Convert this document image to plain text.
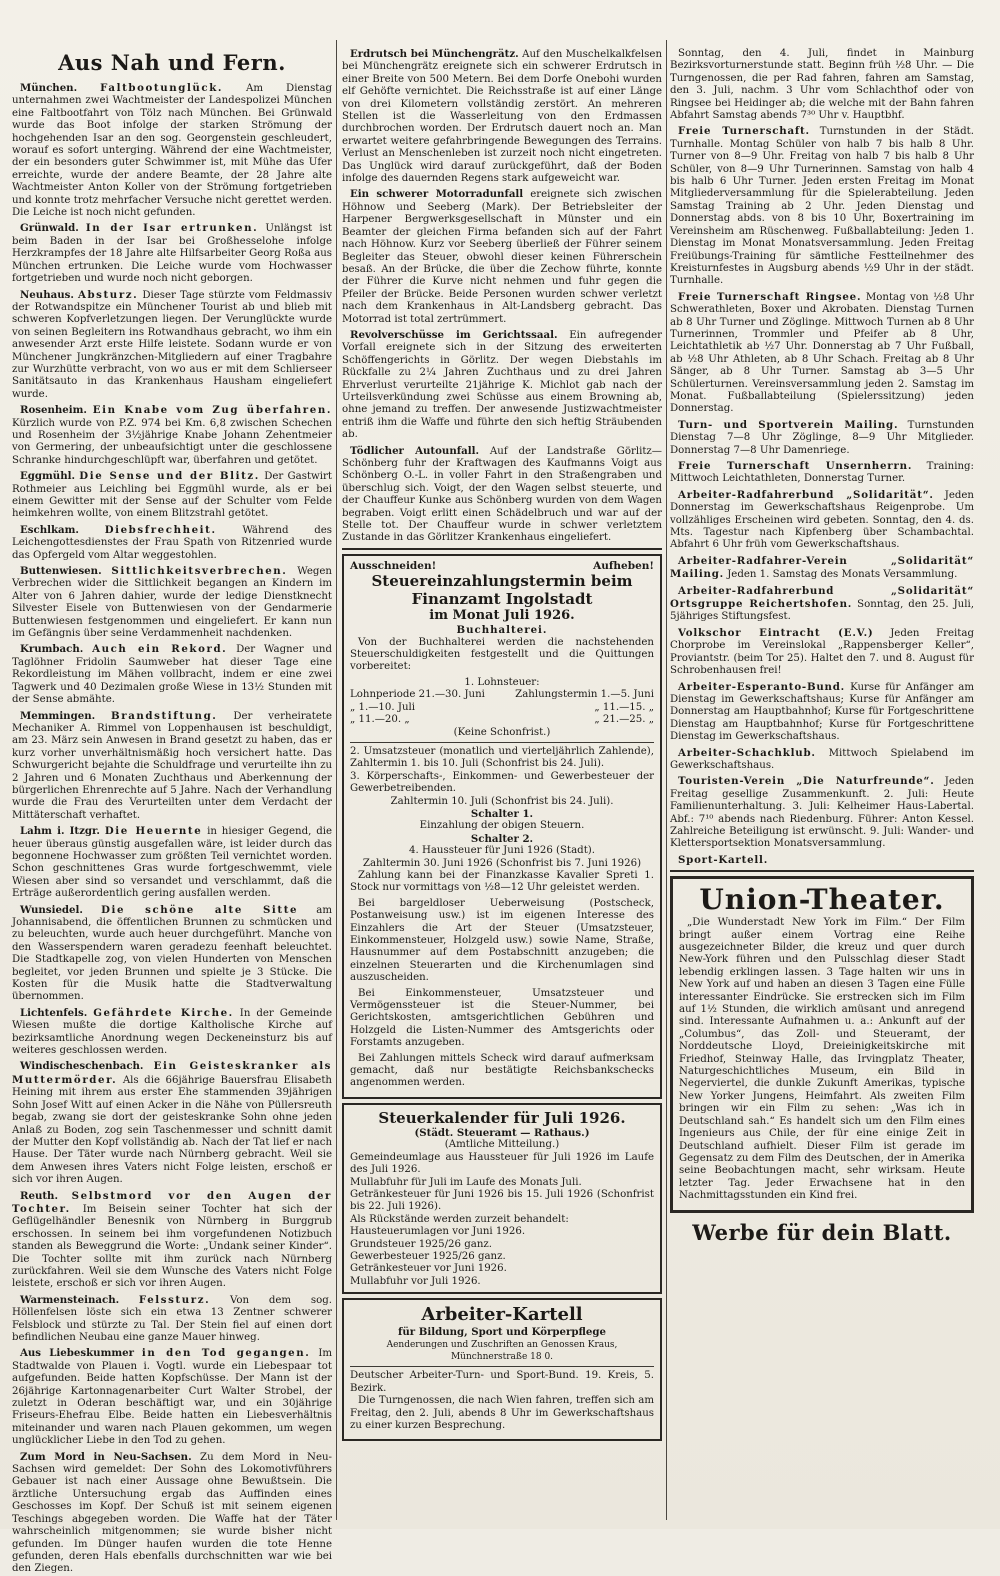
Aus Nah und Fern.
München. Faltbootunglück. Am Dienstag unternahmen zwei Wachtmeister der Landespolizei München eine Faltbootfahrt von Tölz nach München. Bei Grünwald wurde das Boot infolge der starken Strömung der hochgehenden Isar an den sog. Georgenstein geschleudert, worauf es sofort unterging. Während der eine Wachtmeister, der ein besonders guter Schwimmer ist, mit Mühe das Ufer erreichte, wurde der andere Beamte, der 28 Jahre alte Wachtmeister Anton Koller von der Strömung fortgetrieben und konnte trotz mehrfacher Versuche nicht gerettet werden. Die Leiche ist noch nicht gefunden.
Grünwald. In der Isar ertrunken. Unlängst ist beim Baden in der Isar bei Großhesselohe infolge Herzkrampfes der 18 Jahre alte Hilfsarbeiter Georg Roßa aus München ertrunken. Die Leiche wurde vom Hochwasser fortgetrieben und wurde noch nicht geborgen.
Neuhaus. Absturz. Dieser Tage stürzte vom Feldmassiv der Rotwandspitze ein Münchener Tourist ab und blieb mit schweren Kopfverletzungen liegen. Der Verunglückte wurde von seinen Begleitern ins Rotwandhaus gebracht, wo ihm ein anwesender Arzt erste Hilfe leistete. Sodann wurde er von Münchener Jungkränzchen-Mitgliedern auf einer Tragbahre zur Wurzhütte verbracht, von wo aus er mit dem Schlierseer Sanitätsauto in das Krankenhaus Hausham eingeliefert wurde.
Rosenheim. Ein Knabe vom Zug überfahren. Kürzlich wurde von P.Z. 974 bei Km. 6,8 zwischen Schechen und Rosenheim der 3½jährige Knabe Johann Zehentmeier von Germering, der unbeaufsichtigt unter die geschlossene Schranke hindurchgeschlüpft war, überfahren und getötet.
Eggmühl. Die Sense und der Blitz. Der Gastwirt Rothmeier aus Leichling bei Eggmühl wurde, als er bei einem Gewitter mit der Sense auf der Schulter vom Felde heimkehren wollte, von einem Blitzstrahl getötet.
Eschlkam.	Diebsfrechheit.	Während des Leichengottesdienstes der Frau Spath von Ritzenried wurde das Opfergeld vom Altar weggestohlen.
Buttenwiesen. Sittlichkeitsverbrechen. Wegen Verbrechen wider die Sittlichkeit begangen an Kindern im Alter von 6 Jahren dahier, wurde der ledige Dienstknecht Silvester Eisele von Buttenwiesen von der Gendarmerie Buttenwiesen festgenommen und eingeliefert. Er kann nun im Gefängnis über seine Verdammenheit nachdenken.
Krumbach. Auch ein Rekord. Der Wagner und Taglöhner Fridolin Saumweber hat dieser Tage eine Rekordleistung im Mähen vollbracht, indem er eine zwei Tagwerk und 40 Dezimalen große Wiese in 13½ Stunden mit der Sense abmähte.
Memmingen. Brandstiftung. Der verheiratete Mechaniker A. Rimmel von Loppenhausen ist beschuldigt, am 23. März sein Anwesen in Brand gesetzt zu haben, das er kurz vorher unverhältnismäßig hoch versichert hatte. Das Schwurgericht bejahte die Schuldfrage und verurteilte ihn zu 2 Jahren und 6 Monaten Zuchthaus und Aberkennung der bürgerlichen Ehrenrechte auf 5 Jahre. Nach der Verhandlung wurde die Frau des Verurteilten unter dem Verdacht der Mittäterschaft verhaftet.
Lahm i. Itzgr. Die Heuernte in hiesiger Gegend, die heuer überaus günstig ausgefallen wäre, ist leider durch das begonnene Hochwasser zum größten Teil vernichtet worden. Schon geschnittenes Gras wurde fortgeschwemmt, viele Wiesen aber sind so versandet und verschlammt, daß die Erträge außerordentlich gering ausfallen werden.
Wunsiedel. Die schöne alte Sitte am Johannisabend, die öffentlichen Brunnen zu schmücken und zu beleuchten, wurde auch heuer durchgeführt. Manche von den Wasserspendern waren geradezu feenhaft beleuchtet. Die Stadtkapelle zog, von vielen Hunderten von Menschen begleitet, vor jeden Brunnen und spielte je 3 Stücke. Die Kosten für die Musik hatte die Stadtverwaltung übernommen.
Lichtenfels. Gefährdete Kirche. In der Gemeinde Wiesen mußte die dortige Kaltholische Kirche auf bezirksamtliche Anordnung wegen Deckeneinsturz bis auf weiteres geschlossen werden.
Windischeschenbach. Ein Geisteskranker als Muttermörder. Als die 66jährige Bauersfrau Elisabeth Heining mit ihrem aus erster Ehe stammenden 39jährigen Sohn Josef Witt auf einen Acker in die Nähe von Püllersreuth begab, zwang sie dort der geisteskranke Sohn ohne jeden Anlaß zu Boden, zog sein Taschenmesser und schnitt damit der Mutter den Kopf vollständig ab. Nach der Tat lief er nach Hause. Der Täter wurde nach Nürnberg gebracht. Weil sie dem Anwesen ihres Vaters nicht Folge leisten, erschoß er sich vor ihren Augen.
Reuth. Selbstmord vor den Augen der Tochter. Im Beisein seiner Tochter hat sich der Geflügelhändler Benesnik von Nürnberg in Burggrub erschossen. In seinem bei ihm vorgefundenen Notizbuch standen als Beweggrund die Worte: „Undank seiner Kinder“. Die Tochter sollte mit ihm zurück nach Nürnberg zurückfahren. Weil sie dem Wunsche des Vaters nicht Folge leistete, erschoß er sich vor ihren Augen.
Warmensteinach. Felssturz. Von dem sog. Höllenfelsen löste sich ein etwa 13 Zentner schwerer Felsblock und stürzte zu Tal. Der Stein fiel auf einen dort befindlichen Neubau eine ganze Mauer hinweg.
Aus Liebeskummer in den Tod gegangen. Im Stadtwalde von Plauen i. Vogtl. wurde ein Liebespaar tot aufgefunden. Beide hatten Kopfschüsse. Der Mann ist der 26jährige Kartonnagenarbeiter Curt Walter Strobel, der zuletzt in Oderan beschäftigt war, und ein 30jährige Friseurs-Ehefrau Elbe. Beide hatten ein Liebesverhältnis miteinander und waren nach Plauen gekommen, um wegen unglücklicher Liebe in den Tod zu gehen.
Zum Mord in Neu-Sachsen. Zu dem Mord in Neu-Sachsen wird gemeldet: Der Sohn des Lokomotivführers Gebauer ist nach einer Aussage ohne Bewußtsein. Die ärztliche Untersuchung ergab das Auffinden eines Geschosses im Kopf. Der Schuß ist mit seinem eigenen Teschings abgegeben worden. Die Waffe hat der Täter wahrscheinlich mitgenommen; sie wurde bisher nicht gefunden. Im Dünger haufen wurden die tote Henne gefunden, deren Hals ebenfalls durchschnitten war wie bei den Ziegen.
Erdrutsch bei Münchengrätz. Auf den Muschelkalkfelsen bei Münchengrätz ereignete sich ein schwerer Erdrutsch in einer Breite von 500 Metern. Bei dem Dorfe Onebohi wurden elf Gehöfte vernichtet. Die Reichsstraße ist auf einer Länge von drei Kilometern vollständig zerstört. An mehreren Stellen ist die Wasserleitung von den Erdmassen durchbrochen worden. Der Erdrutsch dauert noch an. Man erwartet weitere gefahrbringende Bewegungen des Terrains. Verlust an Menschenleben ist zurzeit noch nicht eingetreten. Das Unglück wird darauf zurückgeführt, daß der Boden infolge des dauernden Regens stark aufgeweicht war.
Ein schwerer Motorradunfall ereignete sich zwischen Höhnow und Seeberg (Mark). Der Betriebsleiter der Harpener Bergwerksgesellschaft in Münster und ein Beamter der gleichen Firma befanden sich auf der Fahrt nach Höhnow. Kurz vor Seeberg überließ der Führer seinem Begleiter das Steuer, obwohl dieser keinen Führerschein besaß. An der Brücke, die über die Zechow führte, konnte der Führer die Kurve nicht nehmen und fuhr gegen die Pfeiler der Brücke. Beide Personen wurden schwer verletzt nach dem Krankenhaus in Alt-Landsberg gebracht. Das Motorrad ist total zertrümmert.
Revolverschüsse im Gerichtssaal. Ein aufregender Vorfall ereignete sich in der Sitzung des erweiterten Schöffengerichts in Görlitz. Der wegen Diebstahls im Rückfalle zu 2¼ Jahren Zuchthaus und zu drei Jahren Ehrverlust verurteilte 21jährige K. Michlot gab nach der Urteilsverkündung zwei Schüsse aus einem Browning ab, ohne jemand zu treffen. Der anwesende Justizwachtmeister entriß ihm die Waffe und führte den sich heftig Sträubenden ab.
Tödlicher Autounfall. Auf der Landstraße Görlitz—Schönberg fuhr der Kraftwagen des Kaufmanns Voigt aus Schönberg O.-L. in voller Fahrt in den Straßengraben und überschlug sich. Voigt, der den Wagen selbst steuerte, und der Chauffeur Kunke aus Schönberg wurden von dem Wagen begraben. Voigt erlitt einen Schädelbruch und war auf der Stelle tot. Der Chauffeur wurde in schwer verletztem Zustande in das Görlitzer Krankenhaus eingeliefert.
Ausschneiden!	Aufheben!
Steuereinzahlungstermin beim Finanzamt Ingolstadt
im Monat Juli 1926.
Buchhalterei.
Von der Buchhalterei werden die nachstehenden Steuerschuldigkeiten festgestellt und die Quittungen vorbereitet:
1. Lohnsteuer:
Lohnperiode 21.—30. Juni	Zahlungstermin 1.—5. Juni
„ 1.—10. Juli	„ 11.—15. „
„ 11.—20. „	„ 21.—25. „
(Keine Schonfrist.)
2. Umsatzsteuer (monatlich und vierteljährlich Zahlende), Zahltermin 1. bis 10. Juli (Schonfrist bis 24. Juli).
3. Körperschafts-, Einkommen- und Gewerbesteuer der Gewerbetreibenden.
Zahltermin 10. Juli (Schonfrist bis 24. Juli).
Schalter 1.
Einzahlung der obigen Steuern.
Schalter 2.
4. Haussteuer für Juni 1926 (Stadt).
Zahltermin 30. Juni 1926 (Schonfrist bis 7. Juni 1926)
Zahlung kann bei der Finanzkasse Kavalier Spreti 1. Stock nur vormittags von ½8—12 Uhr geleistet werden.
Bei bargeldloser Ueberweisung (Postscheck, Postanweisung usw.) ist im eigenen Interesse des Einzahlers die Art der Steuer (Umsatzsteuer, Einkommensteuer, Holzgeld usw.) sowie Name, Straße, Hausnummer auf dem Postabschnitt anzugeben; die einzelnen Steuerarten und die Kirchenumlagen sind auszuscheiden.
Bei Einkommensteuer, Umsatzsteuer und Vermögenssteuer ist die Steuer-Nummer, bei Gerichtskosten, amtsgerichtlichen Gebühren und Holzgeld die Listen-Nummer des Amtsgerichts oder Forstamts anzugeben.
Bei Zahlungen mittels Scheck wird darauf aufmerksam gemacht, daß nur bestätigte Reichsbankschecks angenommen werden.
Steuerkalender für Juli 1926.
(Städt. Steueramt — Rathaus.)
(Amtliche Mitteilung.)
Gemeindeumlage aus Haussteuer für Juli 1926 im Laufe des Juli 1926.
Mullabfuhr für Juli im Laufe des Monats Juli.
Getränkesteuer für Juni 1926 bis 15. Juli 1926 (Schonfrist bis 22. Juli 1926).
Als Rückstände werden zurzeit behandelt:
Hausteuerumlagen vor Juni 1926.
Grundsteuer 1925/26 ganz.
Gewerbesteuer 1925/26 ganz.
Getränkesteuer vor Juni 1926.
Mullabfuhr vor Juli 1926.
Arbeiter-Kartell
für Bildung, Sport und Körperpflege
Aenderungen und Zuschriften an Genossen Kraus, Münchnerstraße 18 0.
Deutscher Arbeiter-Turn- und Sport-Bund. 19. Kreis, 5. Bezirk.
Die Turngenossen, die nach Wien fahren, treffen sich am Freitag, den 2. Juli, abends 8 Uhr im Gewerkschaftshaus zu einer kurzen Besprechung.
Sonntag, den 4. Juli, findet in Mainburg Bezirksvorturnerstunde statt. Beginn früh ½8 Uhr. — Die Turngenossen, die per Rad fahren, fahren am Samstag, den 3. Juli, nachm. 3 Uhr vom Schlachthof oder von Ringsee bei Heidinger ab; die welche mit der Bahn fahren Abfahrt Samstag abends 7³⁰ Uhr v. Hauptbhf.
Freie Turnerschaft. Turnstunden in der Städt. Turnhalle. Montag Schüler von halb 7 bis halb 8 Uhr. Turner von 8—9 Uhr. Freitag von halb 7 bis halb 8 Uhr Schüler, von 8—9 Uhr Turnerinnen. Samstag von halb 4 bis halb 6 Uhr Turner. Jeden ersten Freitag im Monat Mitgliederversammlung für die Spielerabteilung. Jeden Samstag Training ab 2 Uhr. Jeden Dienstag und Donnerstag abds. von 8 bis 10 Uhr, Boxertraining im Vereinsheim am Rüschenweg. Fußballabteilung: Jeden 1. Dienstag im Monat Monatsversammlung. Jeden Freitag Freiübungs-Training für sämtliche Festteilnehmer des Kreisturnfestes in Augsburg abends ½9 Uhr in der städt. Turnhalle.
Freie Turnerschaft Ringsee. Montag von ½8 Uhr Schwerathleten, Boxer und Akrobaten. Dienstag Turnen ab 8 Uhr Turner und Zöglinge. Mittwoch Turnen ab 8 Uhr Turnerinnen, Trommler und Pfeifer ab 8 Uhr, Leichtathletik ab ½7 Uhr. Donnerstag ab 7 Uhr Fußball, ab ½8 Uhr Athleten, ab 8 Uhr Schach. Freitag ab 8 Uhr Sänger, ab 8 Uhr Turner. Samstag ab 3—5 Uhr Schülerturnen. Vereinsversammlung jeden 2. Samstag im Monat. Fußballabteilung (Spielerssitzung) jeden Donnerstag.
Turn- und Sportverein Mailing. Turnstunden Dienstag 7—8 Uhr Zöglinge, 8—9 Uhr Mitglieder. Donnerstag 7—8 Uhr Damenriege.
Freie Turnerschaft Unsernherrn. Training: Mittwoch Leichtathleten, Donnerstag Turner.
Arbeiter-Radfahrerbund „Solidarität“. Jeden Donnerstag im Gewerkschaftshaus Reigenprobe. Um vollzähliges Erscheinen wird gebeten. Sonntag, den 4. ds. Mts. Tagestur nach Kipfenberg über Schambachtal. Abfahrt 6 Uhr früh vom Gewerkschaftshaus.
Arbeiter-Radfahrer-Verein „Solidarität“ Mailing. Jeden 1. Samstag des Monats Versammlung.
Arbeiter-Radfahrerbund „Solidarität“ Ortsgruppe Reichertshofen. Sonntag, den 25. Juli, 5jähriges Stiftungsfest.
Volkschor Eintracht (E.V.) Jeden Freitag Chorprobe im Vereinslokal „Rappensberger Keller“, Proviantstr. (beim Tor 25). Haltet den 7. und 8. August für Schrobenhausen frei!
Arbeiter-Esperanto-Bund. Kurse für Anfänger am Dienstag im Gewerkschaftshaus; Kurse für Anfänger am Donnerstag am Hauptbahnhof; Kurse für Fortgeschrittene Dienstag am Hauptbahnhof; Kurse für Fortgeschrittene Dienstag im Gewerkschaftshaus.
Arbeiter-Schachklub. Mittwoch Spielabend im Gewerkschaftshaus.
Touristen-Verein „Die Naturfreunde“. Jeden Freitag gesellige Zusammenkunft. 2. Juli: Heute Familienunterhaltung. 3. Juli: Kelheimer Haus-Labertal. Abf.: 7¹⁰ abends nach Riedenburg. Führer: Anton Kessel. Zahlreiche Beteiligung ist erwünscht. 9. Juli: Wander- und Klettersportsektion Monatsversammlung.
Sport-Kartell.
Union-Theater.
„Die Wunderstadt New York im Film.“ Der Film bringt außer einem Vortrag eine Reihe ausgezeichneter Bilder, die kreuz und quer durch New-York führen und den Pulsschlag dieser Stadt lebendig erklingen lassen. 3 Tage halten wir uns in New York auf und haben an diesen 3 Tagen eine Fülle interessanter Eindrücke. Sie erstrecken sich im Film auf 1½ Stunden, die wirklich amüsant und anregend sind. Interessante Aufnahmen u. a.: Ankunft auf der „Columbus“, das Zoll- und Steueramt, der Norddeutsche Lloyd, Dreieinigkeitskirche mit Friedhof, Steinway Halle, das Irvingplatz Theater, Naturgeschichtliches Museum, ein Bild in Negerviertel, die dunkle Zukunft Amerikas, typische New Yorker Jungens, Heimfahrt. Als zweiten Film bringen wir ein Film zu sehen: „Was ich in Deutschland sah.“ Es handelt sich um den Film eines Ingenieurs aus Chile, der für eine einige Zeit in Deutschland aufhielt. Dieser Film ist gerade im Gegensatz zu dem Film des Deutschen, der in Amerika seine Beobachtungen macht, sehr wirksam. Heute letzter Tag. Jeder Erwachsene hat in den Nachmittagsstunden ein Kind frei.
Werbe für dein Blatt.
